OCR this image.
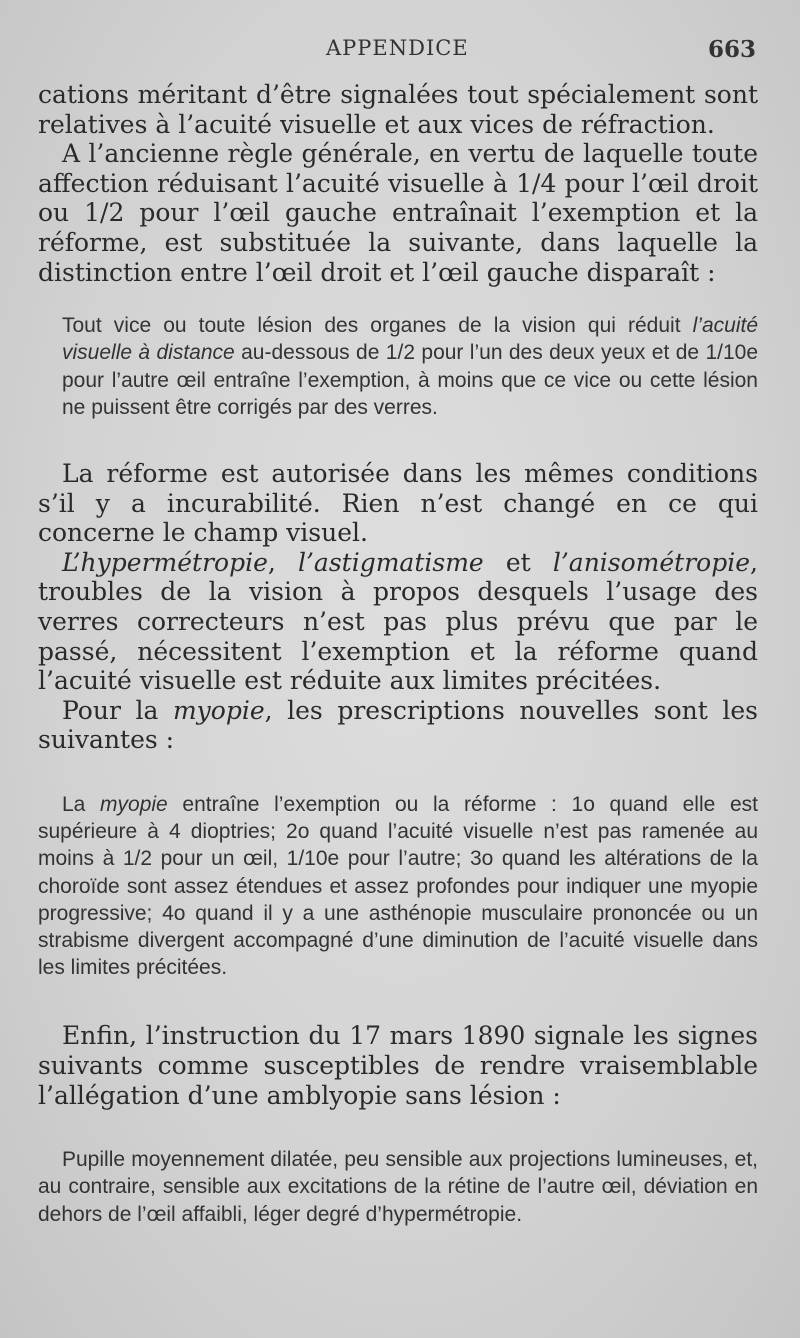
APPENDICE	663

cations méritant d’être signalées tout spécialement sont relatives à l’acuité visuelle et aux vices de réfraction.

A l’ancienne règle générale, en vertu de laquelle toute affection réduisant l’acuité visuelle à 1/4 pour l’œil droit ou 1/2 pour l’œil gauche entraînait l’exemption et la réforme, est substituée la suivante, dans laquelle la distinction entre l’œil droit et l’œil gauche disparaît :

Tout vice ou toute lésion des organes de la vision qui réduit l’acuité visuelle à distance au-dessous de 1/2 pour l’un des deux yeux et de 1/10e pour l’autre œil entraîne l’exemption, à moins que ce vice ou cette lésion ne puissent être corrigés par des verres.

La réforme est autorisée dans les mêmes conditions s’il y a incurabilité. Rien n’est changé en ce qui concerne le champ visuel.

L’hypermétropie, l’astigmatisme et l’anisométropie, troubles de la vision à propos desquels l’usage des verres correcteurs n’est pas plus prévu que par le passé, nécessitent l’exemption et la réforme quand l’acuité visuelle est réduite aux limites précitées.

Pour la myopie, les prescriptions nouvelles sont les suivantes :

La myopie entraîne l’exemption ou la réforme : 1o quand elle est supérieure à 4 dioptries; 2o quand l’acuité visuelle n’est pas ramenée au moins à 1/2 pour un œil, 1/10e pour l’autre; 3o quand les altérations de la choroïde sont assez étendues et assez profondes pour indiquer une myopie progressive; 4o quand il y a une asthénopie musculaire prononcée ou un strabisme divergent accompagné d’une diminution de l’acuité visuelle dans les limites précitées.

Enfin, l’instruction du 17 mars 1890 signale les signes suivants comme susceptibles de rendre vraisemblable l’allégation d’une amblyopie sans lésion :

Pupille moyennement dilatée, peu sensible aux projections lumineuses, et, au contraire, sensible aux excitations de la rétine de l’autre œil, déviation en dehors de l’œil affaibli, léger degré d’hypermétropie.
